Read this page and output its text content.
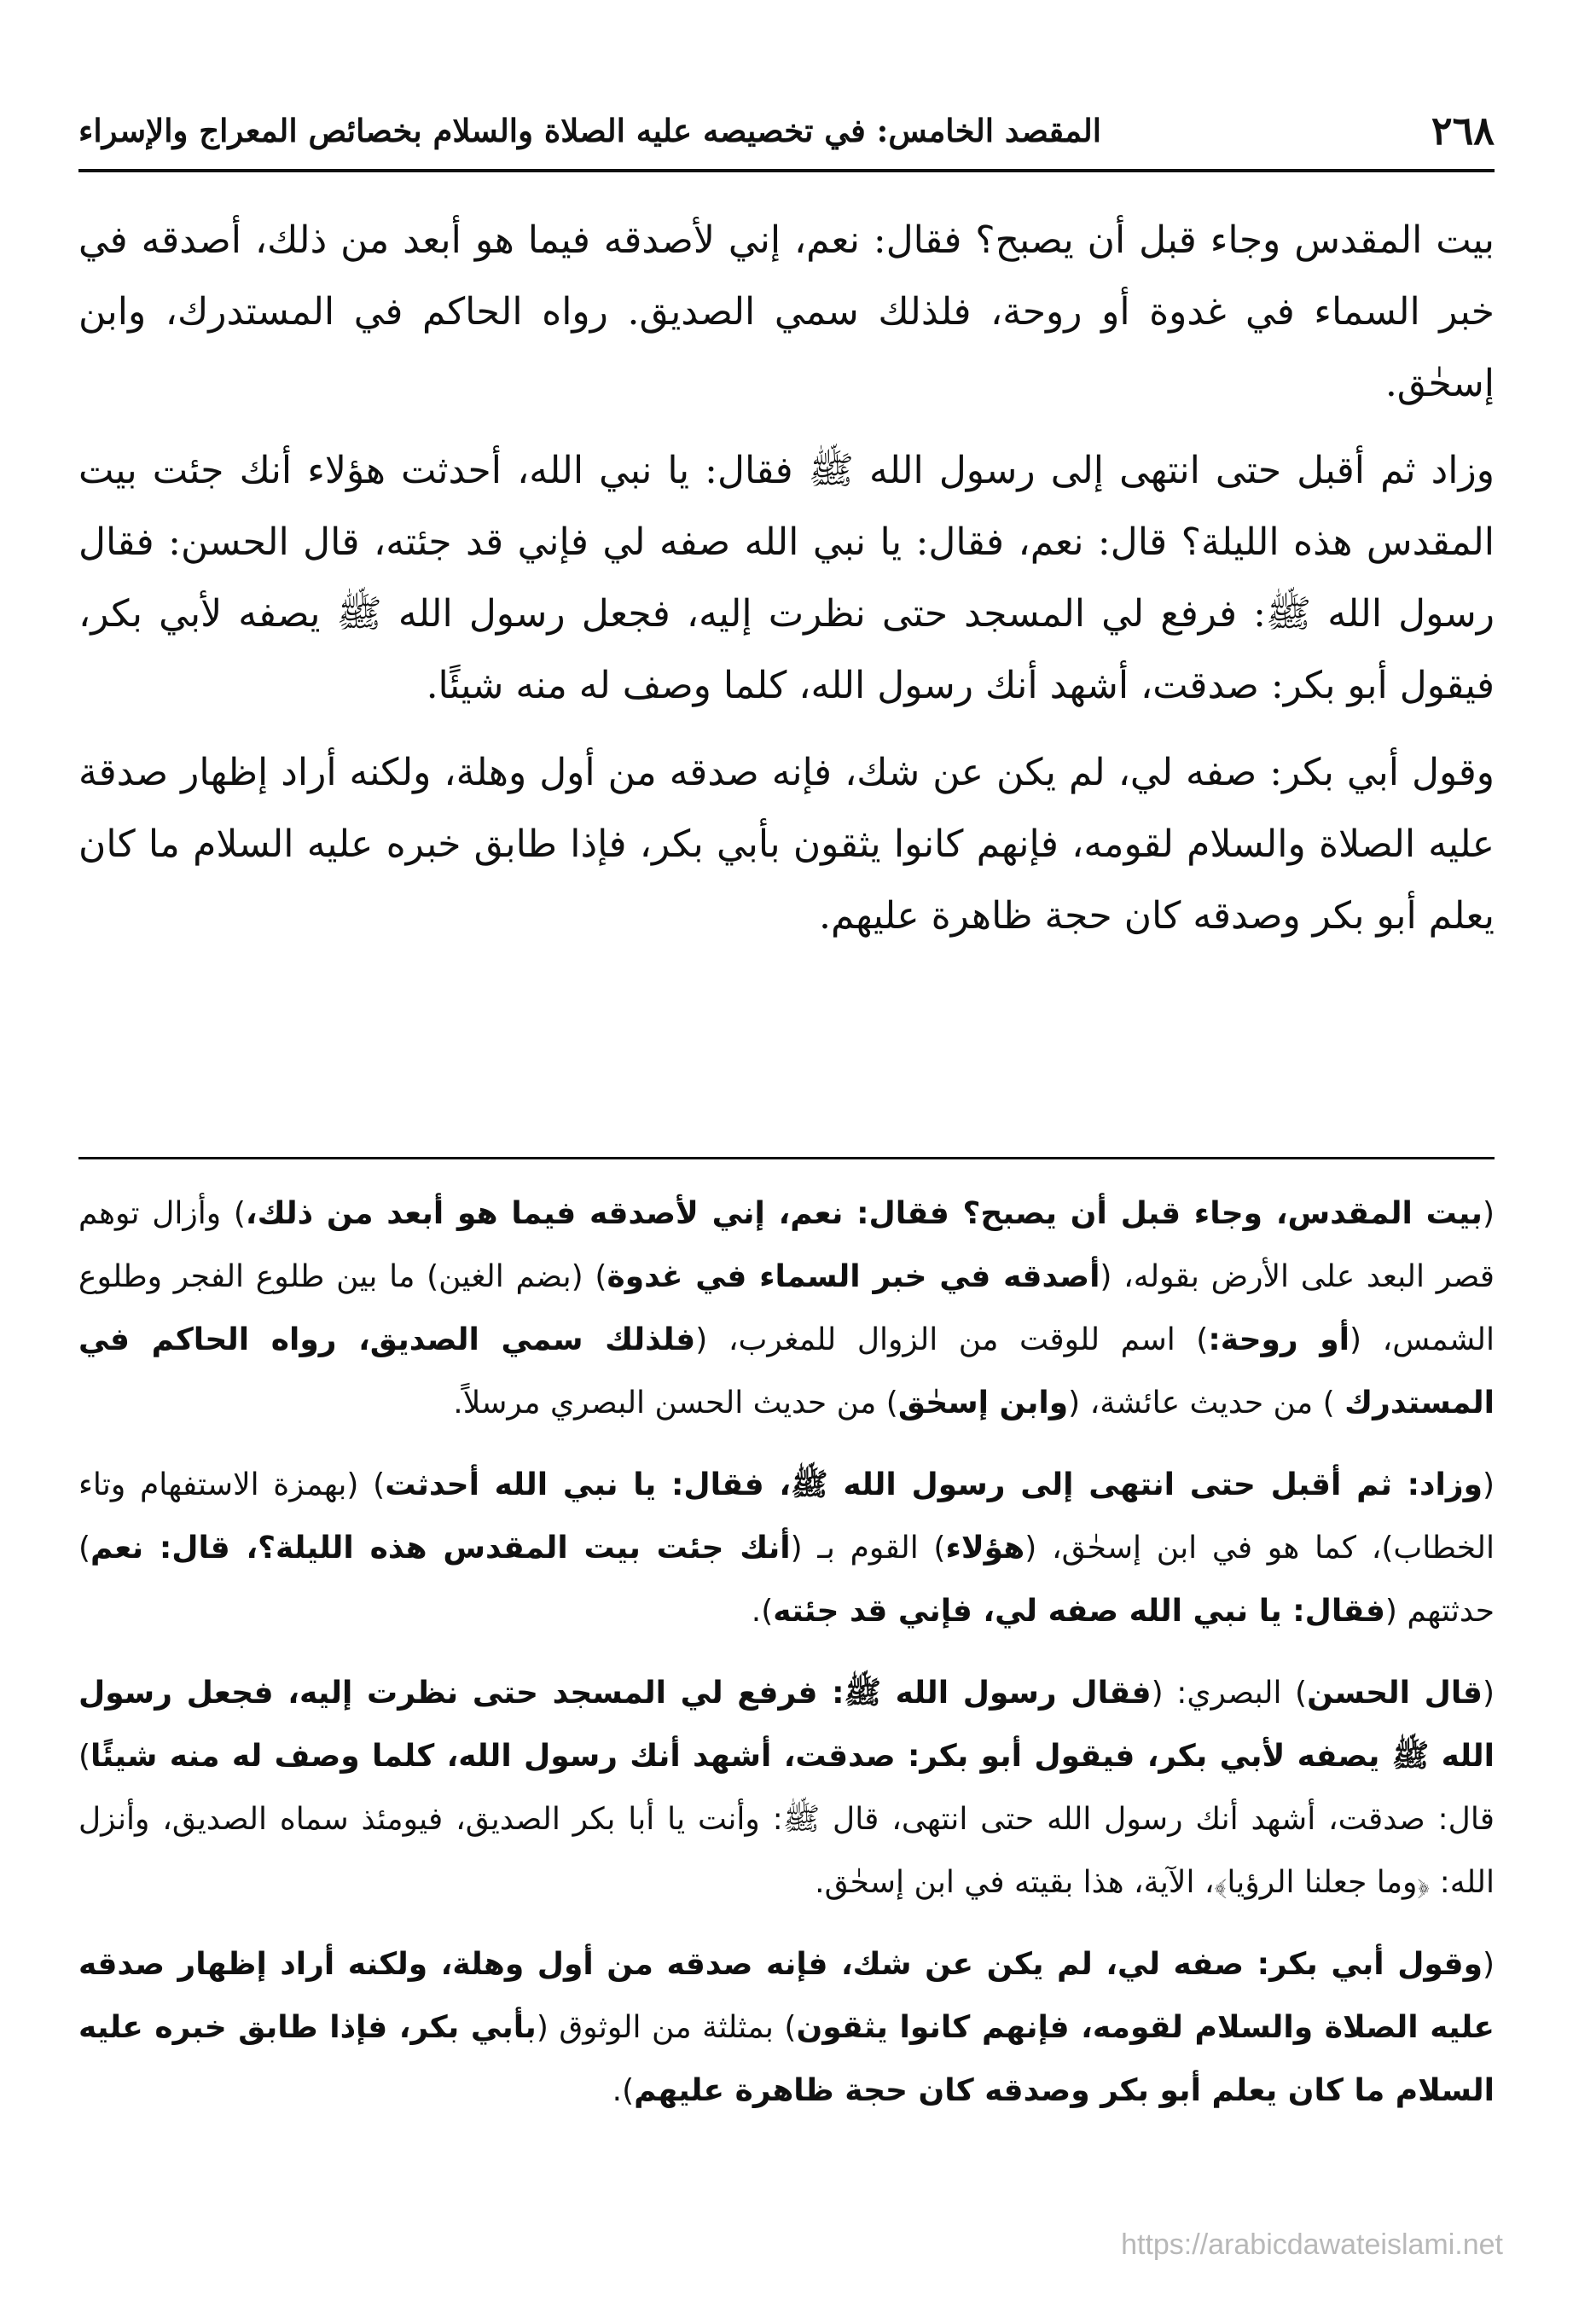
٢٦٨
المقصد الخامس: في تخصيصه عليه الصلاة والسلام بخصائص المعراج والإسراء

بيت المقدس وجاء قبل أن يصبح؟ فقال: نعم، إني لأصدقه فيما هو أبعد من ذلك، أصدقه في خبر السماء في غدوة أو روحة، فلذلك سمي الصديق. رواه الحاكم في المستدرك، وابن إسحٰق.

وزاد ثم أقبل حتى انتهى إلى رسول الله ﷺ فقال: يا نبي الله، أحدثت هؤلاء أنك جئت بيت المقدس هذه الليلة؟ قال: نعم، فقال: يا نبي الله صفه لي فإني قد جئته، قال الحسن: فقال رسول الله ﷺ: فرفع لي المسجد حتى نظرت إليه، فجعل رسول الله ﷺ يصفه لأبي بكر، فيقول أبو بكر: صدقت، أشهد أنك رسول الله، كلما وصف له منه شيئًا.

وقول أبي بكر: صفه لي، لم يكن عن شك، فإنه صدقه من أول وهلة، ولكنه أراد إظهار صدقة عليه الصلاة والسلام لقومه، فإنهم كانوا يثقون بأبي بكر، فإذا طابق خبره عليه السلام ما كان يعلم أبو بكر وصدقه كان حجة ظاهرة عليهم.

(بيت المقدس، وجاء قبل أن يصبح؟ فقال: نعم، إني لأصدقه فيما هو أبعد من ذلك،) وأزال توهم قصر البعد على الأرض بقوله، (أصدقه في خبر السماء في غدوة) (بضم الغين) ما بين طلوع الفجر وطلوع الشمس، (أو روحة:) اسم للوقت من الزوال للمغرب، (فلذلك سمي الصديق، رواه الحاكم في المستدرك ) من حديث عائشة، (وابن إسحٰق) من حديث الحسن البصري مرسلاً.

(وزاد: ثم أقبل حتى انتهى إلى رسول الله ﷺ، فقال: يا نبي الله أحدثت) (بهمزة الاستفهام وتاء الخطاب)، كما هو في ابن إسحٰق، (هؤلاء) القوم بـ (أنك جئت بيت المقدس هذه الليلة؟، قال: نعم) حدثتهم (فقال: يا نبي الله صفه لي، فإني قد جئته).

(قال الحسن) البصري: (فقال رسول الله ﷺ: فرفع لي المسجد حتى نظرت إليه، فجعل رسول الله ﷺ يصفه لأبي بكر، فيقول أبو بكر: صدقت، أشهد أنك رسول الله، كلما وصف له منه شيئًا) قال: صدقت، أشهد أنك رسول الله حتى انتهى، قال ﷺ: وأنت يا أبا بكر الصديق، فيومئذ سماه الصديق، وأنزل الله: ﴿وما جعلنا الرؤيا﴾، الآية، هذا بقيته في ابن إسحٰق.

(وقول أبي بكر: صفه لي، لم يكن عن شك، فإنه صدقه من أول وهلة، ولكنه أراد إظهار صدقه عليه الصلاة والسلام لقومه، فإنهم كانوا يثقون) بمثلثة من الوثوق (بأبي بكر، فإذا طابق خبره عليه السلام ما كان يعلم أبو بكر وصدقه كان حجة ظاهرة عليهم).

https://arabicdawateislami.net
